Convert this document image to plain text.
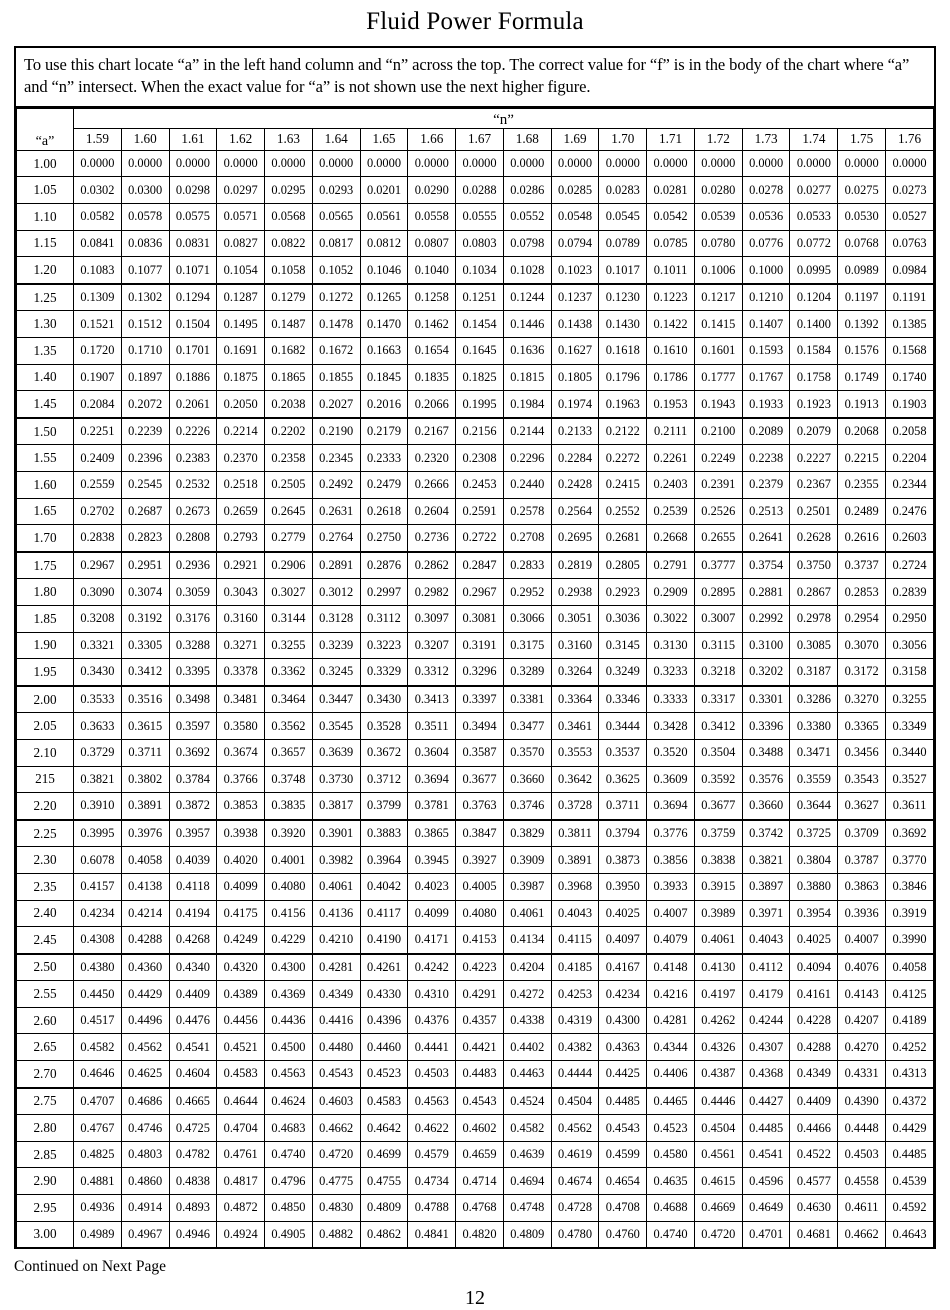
Fluid Power Formula
To use this chart locate “a” in the left hand column and “n” across the top. The correct value for “f” is in the body of the chart where “a” and “n” intersect. When the exact value for “a” is not shown use the next higher figure.
“a”	“n”																	
	1.59	1.60	1.61	1.62	1.63	1.64	1.65	1.66	1.67	1.68	1.69	1.70	1.71	1.72	1.73	1.74	1.75	1.76
1.00	0.0000	0.0000	0.0000	0.0000	0.0000	0.0000	0.0000	0.0000	0.0000	0.0000	0.0000	0.0000	0.0000	0.0000	0.0000	0.0000	0.0000	0.0000
1.05	0.0302	0.0300	0.0298	0.0297	0.0295	0.0293	0.0201	0.0290	0.0288	0.0286	0.0285	0.0283	0.0281	0.0280	0.0278	0.0277	0.0275	0.0273
1.10	0.0582	0.0578	0.0575	0.0571	0.0568	0.0565	0.0561	0.0558	0.0555	0.0552	0.0548	0.0545	0.0542	0.0539	0.0536	0.0533	0.0530	0.0527
1.15	0.0841	0.0836	0.0831	0.0827	0.0822	0.0817	0.0812	0.0807	0.0803	0.0798	0.0794	0.0789	0.0785	0.0780	0.0776	0.0772	0.0768	0.0763
1.20	0.1083	0.1077	0.1071	0.1054	0.1058	0.1052	0.1046	0.1040	0.1034	0.1028	0.1023	0.1017	0.1011	0.1006	0.1000	0.0995	0.0989	0.0984
1.25	0.1309	0.1302	0.1294	0.1287	0.1279	0.1272	0.1265	0.1258	0.1251	0.1244	0.1237	0.1230	0.1223	0.1217	0.1210	0.1204	0.1197	0.1191
1.30	0.1521	0.1512	0.1504	0.1495	0.1487	0.1478	0.1470	0.1462	0.1454	0.1446	0.1438	0.1430	0.1422	0.1415	0.1407	0.1400	0.1392	0.1385
1.35	0.1720	0.1710	0.1701	0.1691	0.1682	0.1672	0.1663	0.1654	0.1645	0.1636	0.1627	0.1618	0.1610	0.1601	0.1593	0.1584	0.1576	0.1568
1.40	0.1907	0.1897	0.1886	0.1875	0.1865	0.1855	0.1845	0.1835	0.1825	0.1815	0.1805	0.1796	0.1786	0.1777	0.1767	0.1758	0.1749	0.1740
1.45	0.2084	0.2072	0.2061	0.2050	0.2038	0.2027	0.2016	0.2066	0.1995	0.1984	0.1974	0.1963	0.1953	0.1943	0.1933	0.1923	0.1913	0.1903
1.50	0.2251	0.2239	0.2226	0.2214	0.2202	0.2190	0.2179	0.2167	0.2156	0.2144	0.2133	0.2122	0.2111	0.2100	0.2089	0.2079	0.2068	0.2058
1.55	0.2409	0.2396	0.2383	0.2370	0.2358	0.2345	0.2333	0.2320	0.2308	0.2296	0.2284	0.2272	0.2261	0.2249	0.2238	0.2227	0.2215	0.2204
1.60	0.2559	0.2545	0.2532	0.2518	0.2505	0.2492	0.2479	0.2666	0.2453	0.2440	0.2428	0.2415	0.2403	0.2391	0.2379	0.2367	0.2355	0.2344
1.65	0.2702	0.2687	0.2673	0.2659	0.2645	0.2631	0.2618	0.2604	0.2591	0.2578	0.2564	0.2552	0.2539	0.2526	0.2513	0.2501	0.2489	0.2476
1.70	0.2838	0.2823	0.2808	0.2793	0.2779	0.2764	0.2750	0.2736	0.2722	0.2708	0.2695	0.2681	0.2668	0.2655	0.2641	0.2628	0.2616	0.2603
1.75	0.2967	0.2951	0.2936	0.2921	0.2906	0.2891	0.2876	0.2862	0.2847	0.2833	0.2819	0.2805	0.2791	0.3777	0.3754	0.3750	0.3737	0.2724
1.80	0.3090	0.3074	0.3059	0.3043	0.3027	0.3012	0.2997	0.2982	0.2967	0.2952	0.2938	0.2923	0.2909	0.2895	0.2881	0.2867	0.2853	0.2839
1.85	0.3208	0.3192	0.3176	0.3160	0.3144	0.3128	0.3112	0.3097	0.3081	0.3066	0.3051	0.3036	0.3022	0.3007	0.2992	0.2978	0.2954	0.2950
1.90	0.3321	0.3305	0.3288	0.3271	0.3255	0.3239	0.3223	0.3207	0.3191	0.3175	0.3160	0.3145	0.3130	0.3115	0.3100	0.3085	0.3070	0.3056
1.95	0.3430	0.3412	0.3395	0.3378	0.3362	0.3245	0.3329	0.3312	0.3296	0.3289	0.3264	0.3249	0.3233	0.3218	0.3202	0.3187	0.3172	0.3158
2.00	0.3533	0.3516	0.3498	0.3481	0.3464	0.3447	0.3430	0.3413	0.3397	0.3381	0.3364	0.3346	0.3333	0.3317	0.3301	0.3286	0.3270	0.3255
2.05	0.3633	0.3615	0.3597	0.3580	0.3562	0.3545	0.3528	0.3511	0.3494	0.3477	0.3461	0.3444	0.3428	0.3412	0.3396	0.3380	0.3365	0.3349
2.10	0.3729	0.3711	0.3692	0.3674	0.3657	0.3639	0.3672	0.3604	0.3587	0.3570	0.3553	0.3537	0.3520	0.3504	0.3488	0.3471	0.3456	0.3440
215	0.3821	0.3802	0.3784	0.3766	0.3748	0.3730	0.3712	0.3694	0.3677	0.3660	0.3642	0.3625	0.3609	0.3592	0.3576	0.3559	0.3543	0.3527
2.20	0.3910	0.3891	0.3872	0.3853	0.3835	0.3817	0.3799	0.3781	0.3763	0.3746	0.3728	0.3711	0.3694	0.3677	0.3660	0.3644	0.3627	0.3611
2.25	0.3995	0.3976	0.3957	0.3938	0.3920	0.3901	0.3883	0.3865	0.3847	0.3829	0.3811	0.3794	0.3776	0.3759	0.3742	0.3725	0.3709	0.3692
2.30	0.6078	0.4058	0.4039	0.4020	0.4001	0.3982	0.3964	0.3945	0.3927	0.3909	0.3891	0.3873	0.3856	0.3838	0.3821	0.3804	0.3787	0.3770
2.35	0.4157	0.4138	0.4118	0.4099	0.4080	0.4061	0.4042	0.4023	0.4005	0.3987	0.3968	0.3950	0.3933	0.3915	0.3897	0.3880	0.3863	0.3846
2.40	0.4234	0.4214	0.4194	0.4175	0.4156	0.4136	0.4117	0.4099	0.4080	0.4061	0.4043	0.4025	0.4007	0.3989	0.3971	0.3954	0.3936	0.3919
2.45	0.4308	0.4288	0.4268	0.4249	0.4229	0.4210	0.4190	0.4171	0.4153	0.4134	0.4115	0.4097	0.4079	0.4061	0.4043	0.4025	0.4007	0.3990
2.50	0.4380	0.4360	0.4340	0.4320	0.4300	0.4281	0.4261	0.4242	0.4223	0.4204	0.4185	0.4167	0.4148	0.4130	0.4112	0.4094	0.4076	0.4058
2.55	0.4450	0.4429	0.4409	0.4389	0.4369	0.4349	0.4330	0.4310	0.4291	0.4272	0.4253	0.4234	0.4216	0.4197	0.4179	0.4161	0.4143	0.4125
2.60	0.4517	0.4496	0.4476	0.4456	0.4436	0.4416	0.4396	0.4376	0.4357	0.4338	0.4319	0.4300	0.4281	0.4262	0.4244	0.4228	0.4207	0.4189
2.65	0.4582	0.4562	0.4541	0.4521	0.4500	0.4480	0.4460	0.4441	0.4421	0.4402	0.4382	0.4363	0.4344	0.4326	0.4307	0.4288	0.4270	0.4252
2.70	0.4646	0.4625	0.4604	0.4583	0.4563	0.4543	0.4523	0.4503	0.4483	0.4463	0.4444	0.4425	0.4406	0.4387	0.4368	0.4349	0.4331	0.4313
2.75	0.4707	0.4686	0.4665	0.4644	0.4624	0.4603	0.4583	0.4563	0.4543	0.4524	0.4504	0.4485	0.4465	0.4446	0.4427	0.4409	0.4390	0.4372
2.80	0.4767	0.4746	0.4725	0.4704	0.4683	0.4662	0.4642	0.4622	0.4602	0.4582	0.4562	0.4543	0.4523	0.4504	0.4485	0.4466	0.4448	0.4429
2.85	0.4825	0.4803	0.4782	0.4761	0.4740	0.4720	0.4699	0.4579	0.4659	0.4639	0.4619	0.4599	0.4580	0.4561	0.4541	0.4522	0.4503	0.4485
2.90	0.4881	0.4860	0.4838	0.4817	0.4796	0.4775	0.4755	0.4734	0.4714	0.4694	0.4674	0.4654	0.4635	0.4615	0.4596	0.4577	0.4558	0.4539
2.95	0.4936	0.4914	0.4893	0.4872	0.4850	0.4830	0.4809	0.4788	0.4768	0.4748	0.4728	0.4708	0.4688	0.4669	0.4649	0.4630	0.4611	0.4592
3.00	0.4989	0.4967	0.4946	0.4924	0.4905	0.4882	0.4862	0.4841	0.4820	0.4809	0.4780	0.4760	0.4740	0.4720	0.4701	0.4681	0.4662	0.4643
Continued on Next Page
12
